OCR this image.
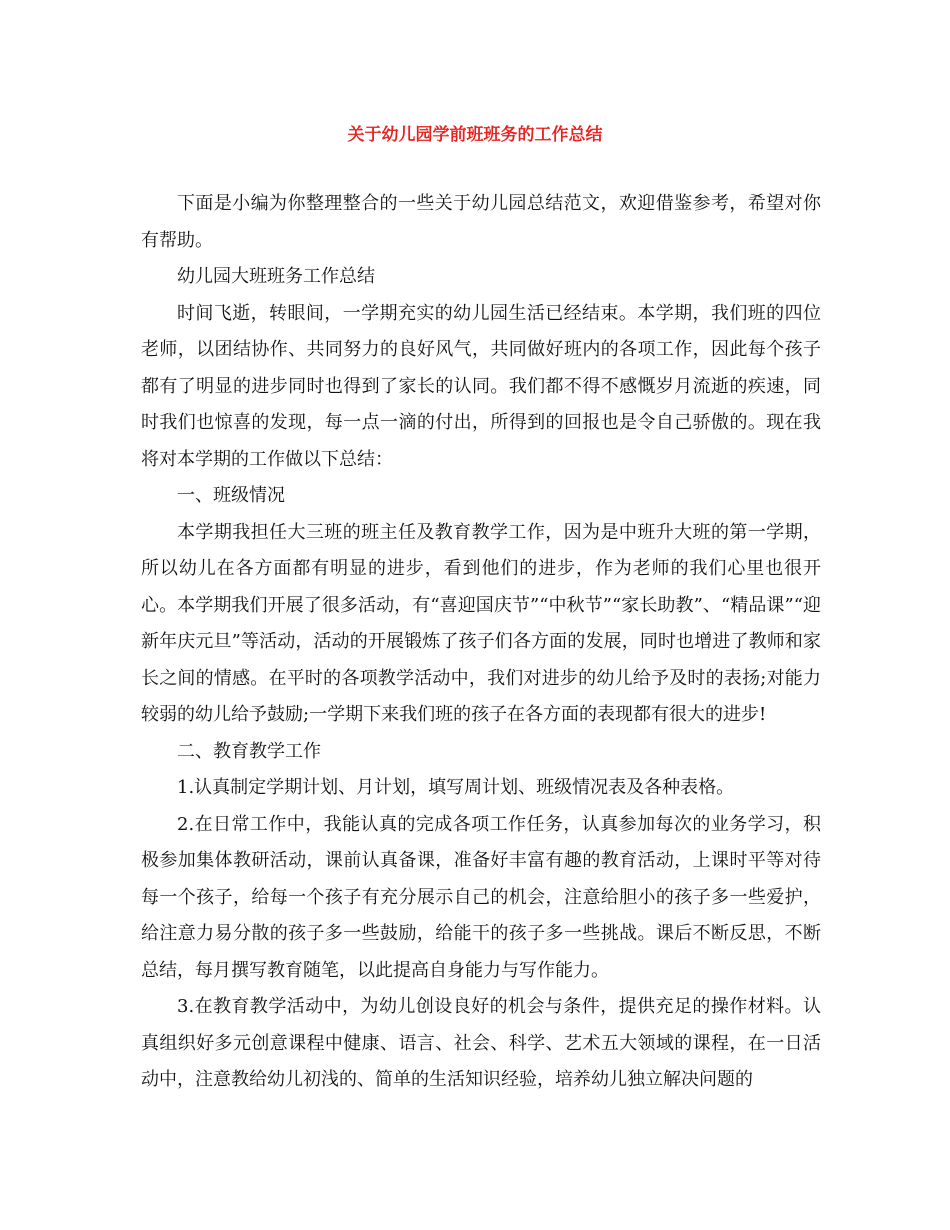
关于幼儿园学前班班务的工作总结

下面是小编为你整理整合的一些关于幼儿园总结范文，欢迎借鉴参考，希望对你有帮助。

幼儿园大班班务工作总结

时间飞逝，转眼间，一学期充实的幼儿园生活已经结束。本学期，我们班的四位老师，以团结协作、共同努力的良好风气，共同做好班内的各项工作，因此每个孩子都有了明显的进步同时也得到了家长的认同。我们都不得不感慨岁月流逝的疾速，同时我们也惊喜的发现，每一点一滴的付出，所得到的回报也是令自己骄傲的。现在我将对本学期的工作做以下总结：

一、班级情况

本学期我担任大三班的班主任及教育教学工作，因为是中班升大班的第一学期，所以幼儿在各方面都有明显的进步，看到他们的进步，作为老师的我们心里也很开心。本学期我们开展了很多活动，有“喜迎国庆节”“中秋节”“家长助教”、“精品课”“迎新年庆元旦”等活动，活动的开展锻炼了孩子们各方面的发展，同时也增进了教师和家长之间的情感。在平时的各项教学活动中，我们对进步的幼儿给予及时的表扬;对能力较弱的幼儿给予鼓励;一学期下来我们班的孩子在各方面的表现都有很大的进步!

二、教育教学工作

1.认真制定学期计划、月计划，填写周计划、班级情况表及各种表格。

2.在日常工作中，我能认真的完成各项工作任务，认真参加每次的业务学习，积极参加集体教研活动，课前认真备课，准备好丰富有趣的教育活动，上课时平等对待每一个孩子，给每一个孩子有充分展示自己的机会，注意给胆小的孩子多一些爱护，给注意力易分散的孩子多一些鼓励，给能干的孩子多一些挑战。课后不断反思，不断总结，每月撰写教育随笔，以此提高自身能力与写作能力。

3.在教育教学活动中，为幼儿创设良好的机会与条件，提供充足的操作材料。认真组织好多元创意课程中健康、语言、社会、科学、艺术五大领域的课程，在一日活动中，注意教给幼儿初浅的、简单的生活知识经验，培养幼儿独立解决问题的
